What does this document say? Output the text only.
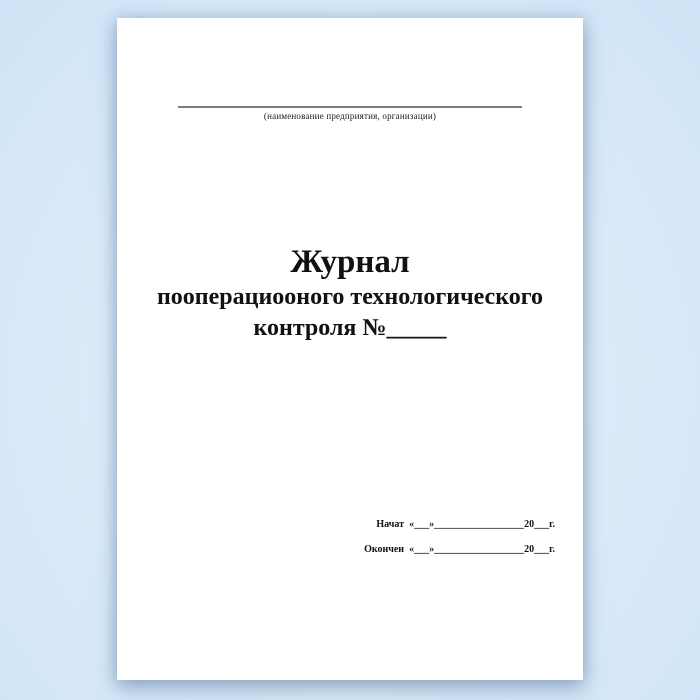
(наименование предприятия, организации)
Журнал
пооперациооного технологического
контроля №_____
Начат «___»__________________20___г.
Окончен «___»__________________20___г.
